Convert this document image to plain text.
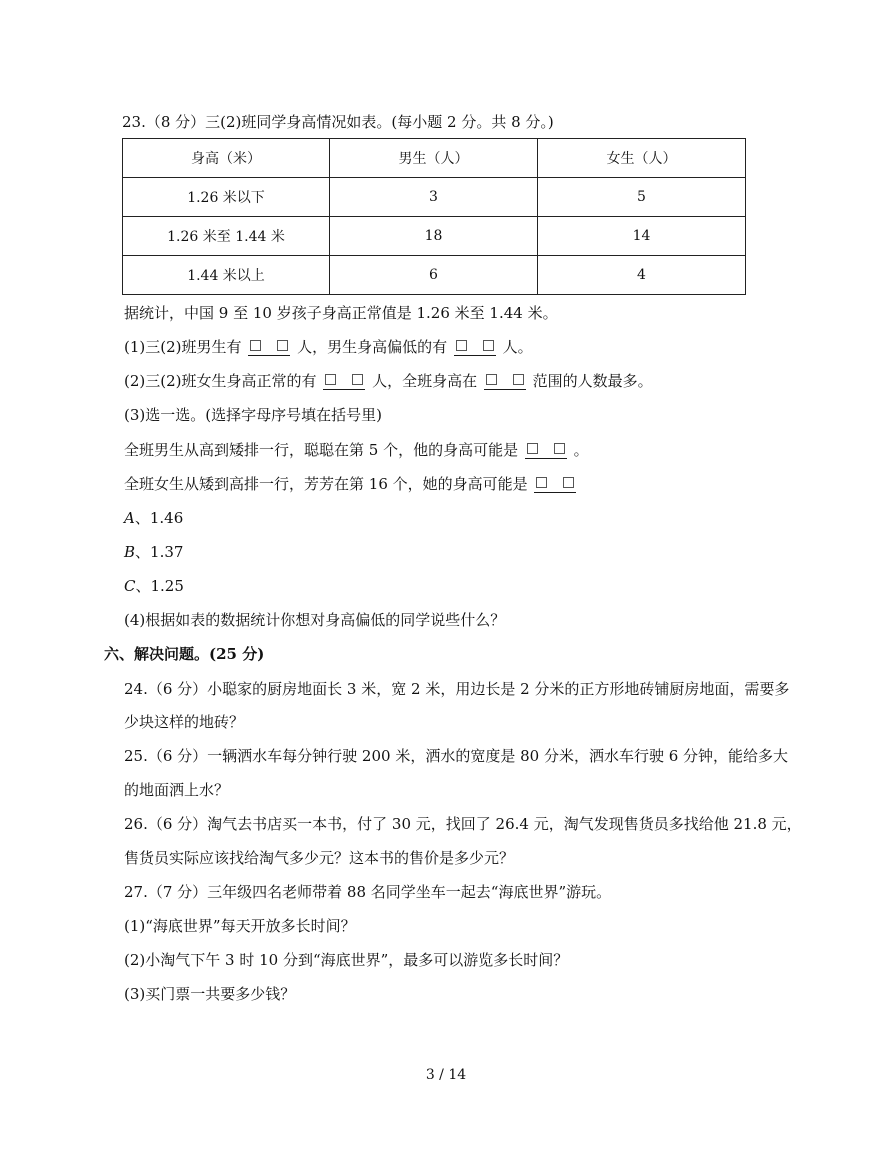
23.（8 分）三(2)班同学身高情况如表。(每小题 2 分。共 8 分。)
身高（米）	男生（人）	女生（人）
1.26 米以下	3	5
1.26 米至 1.44 米	18	14
1.44 米以上	6	4
据统计，中国 9 至 10 岁孩子身高正常值是 1.26 米至 1.44 米。
(1)三(2)班男生有	人，男生身高偏低的有	人。
(2)三(2)班女生身高正常的有	人，全班身高在	范围的人数最多。
(3)选一选。(选择字母序号填在括号里)
全班男生从高到矮排一行，聪聪在第 5 个，他的身高可能是	。
全班女生从矮到高排一行，芳芳在第 16 个，她的身高可能是
A、1.46
B、1.37
C、1.25
(4)根据如表的数据统计你想对身高偏低的同学说些什么？
六、解决问题。(25 分)
24.（6 分）小聪家的厨房地面长 3 米，宽 2 米，用边长是 2 分米的正方形地砖铺厨房地面，需要多
少块这样的地砖？
25.（6 分）一辆洒水车每分钟行驶 200 米，洒水的宽度是 80 分米，洒水车行驶 6 分钟，能给多大
的地面洒上水？
26.（6 分）淘气去书店买一本书，付了 30 元，找回了 26.4 元，淘气发现售货员多找给他 21.8 元，
售货员实际应该找给淘气多少元？这本书的售价是多少元？
27.（7 分）三年级四名老师带着 88 名同学坐车一起去“海底世界”游玩。
(1)“海底世界”每天开放多长时间？
(2)小淘气下午 3 时 10 分到“海底世界”，最多可以游览多长时间？
(3)买门票一共要多少钱？
3 / 14
